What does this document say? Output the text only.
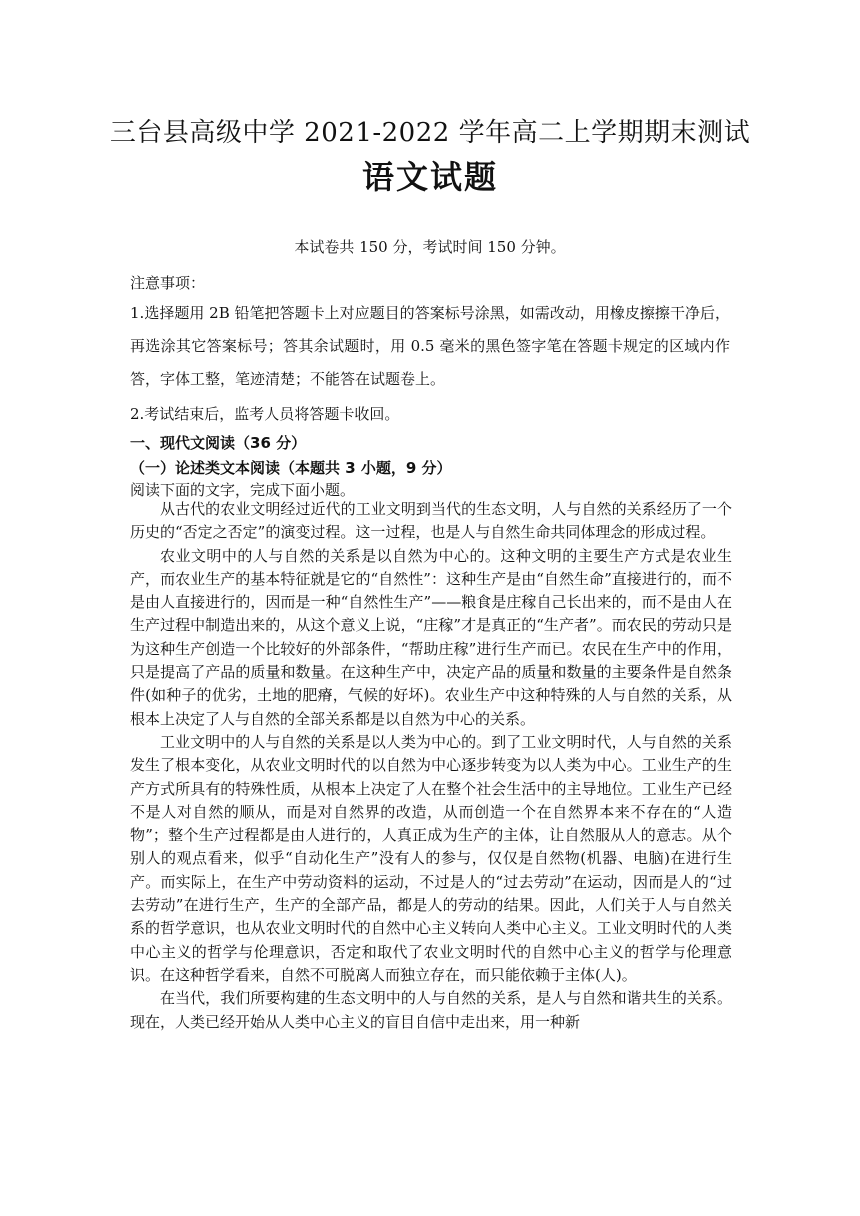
三台县高级中学 2021-2022 学年高二上学期期末测试
语文试题
本试卷共 150 分，考试时间 150 分钟。
注意事项：
1.选择题用 2B 铅笔把答题卡上对应题目的答案标号涂黑，如需改动，用橡皮擦擦干净后，再选涂其它答案标号；答其余试题时，用 0.5 毫米的黑色签字笔在答题卡规定的区域内作答，字体工整，笔迹清楚；不能答在试题卷上。
2.考试结束后，监考人员将答题卡收回。
一、现代文阅读（36 分）
（一）论述类文本阅读（本题共 3 小题，9 分）
阅读下面的文字，完成下面小题。

从古代的农业文明经过近代的工业文明到当代的生态文明，人与自然的关系经历了一个历史的“否定之否定”的演变过程。这一过程，也是人与自然生命共同体理念的形成过程。

农业文明中的人与自然的关系是以自然为中心的。这种文明的主要生产方式是农业生产，而农业生产的基本特征就是它的“自然性”：这种生产是由“自然生命”直接进行的，而不是由人直接进行的，因而是一种“自然性生产”——粮食是庄稼自己长出来的，而不是由人在生产过程中制造出来的，从这个意义上说，“庄稼”才是真正的“生产者”。而农民的劳动只是为这种生产创造一个比较好的外部条件，“帮助庄稼”进行生产而已。农民在生产中的作用，只是提高了产品的质量和数量。在这种生产中，决定产品的质量和数量的主要条件是自然条件(如种子的优劣，土地的肥瘠，气候的好坏)。农业生产中这种特殊的人与自然的关系，从根本上决定了人与自然的全部关系都是以自然为中心的关系。

工业文明中的人与自然的关系是以人类为中心的。到了工业文明时代，人与自然的关系发生了根本变化，从农业文明时代的以自然为中心逐步转变为以人类为中心。工业生产的生产方式所具有的特殊性质，从根本上决定了人在整个社会生活中的主导地位。工业生产已经不是人对自然的顺从，而是对自然界的改造，从而创造一个在自然界本来不存在的“人造物”；整个生产过程都是由人进行的，人真正成为生产的主体，让自然服从人的意志。从个别人的观点看来，似乎“自动化生产”没有人的参与，仅仅是自然物(机器、电脑)在进行生产。而实际上，在生产中劳动资料的运动，不过是人的“过去劳动”在运动，因而是人的“过去劳动”在进行生产，生产的全部产品，都是人的劳动的结果。因此，人们关于人与自然关系的哲学意识，也从农业文明时代的自然中心主义转向人类中心主义。工业文明时代的人类中心主义的哲学与伦理意识，否定和取代了农业文明时代的自然中心主义的哲学与伦理意识。在这种哲学看来，自然不可脱离人而独立存在，而只能依赖于主体(人)。

在当代，我们所要构建的生态文明中的人与自然的关系，是人与自然和谐共生的关系。现在，人类已经开始从人类中心主义的盲目自信中走出来，用一种新
